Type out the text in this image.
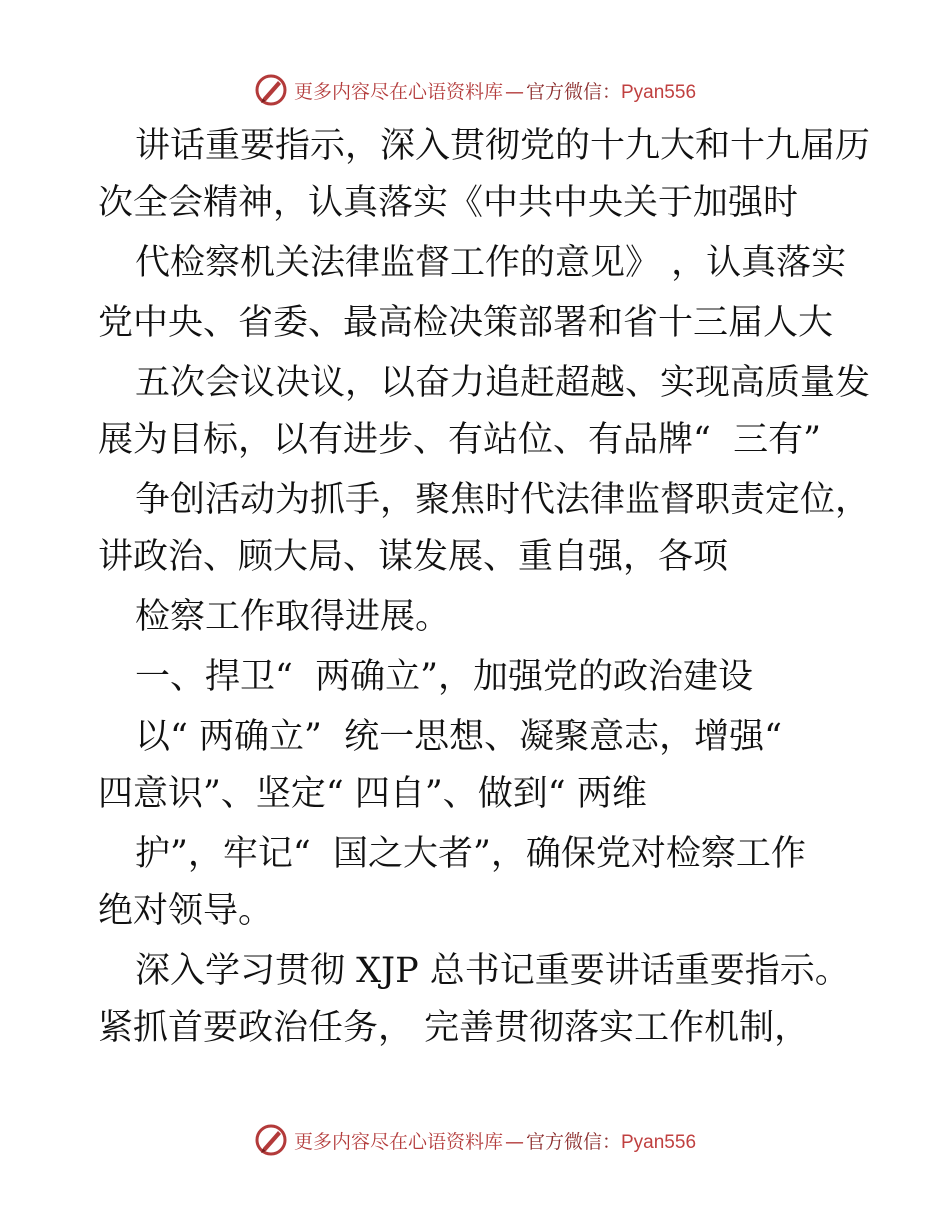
更多内容尽在心语资料库 — 官方微信：Pyan556
讲话重要指示，深入贯彻党的十九大和十九届历
次全会精神，认真落实《中共中央关于加强时
代检察机关法律监督工作的意见》 ，认真落实
党中央、省委、最高检决策部署和省十三届人大
五次会议决议，以奋力追赶超越、实现高质量发
展为目标，以有进步、有站位、有品牌“  三有”
争创活动为抓手，聚焦时代法律监督职责定位，
讲政治、顾大局、谋发展、重自强，各项
检察工作取得进展。
一、捍卫“  两确立”，加强党的政治建设
以“ 两确立”  统一思想、凝聚意志，增强“
四意识”、坚定“ 四自”、做到“ 两维
护”，牢记“  国之大者”，确保党对检察工作
绝对领导。
深入学习贯彻 XJP 总书记重要讲话重要指示。
紧抓首要政治任务， 完善贯彻落实工作机制，
更多内容尽在心语资料库 — 官方微信：Pyan556
